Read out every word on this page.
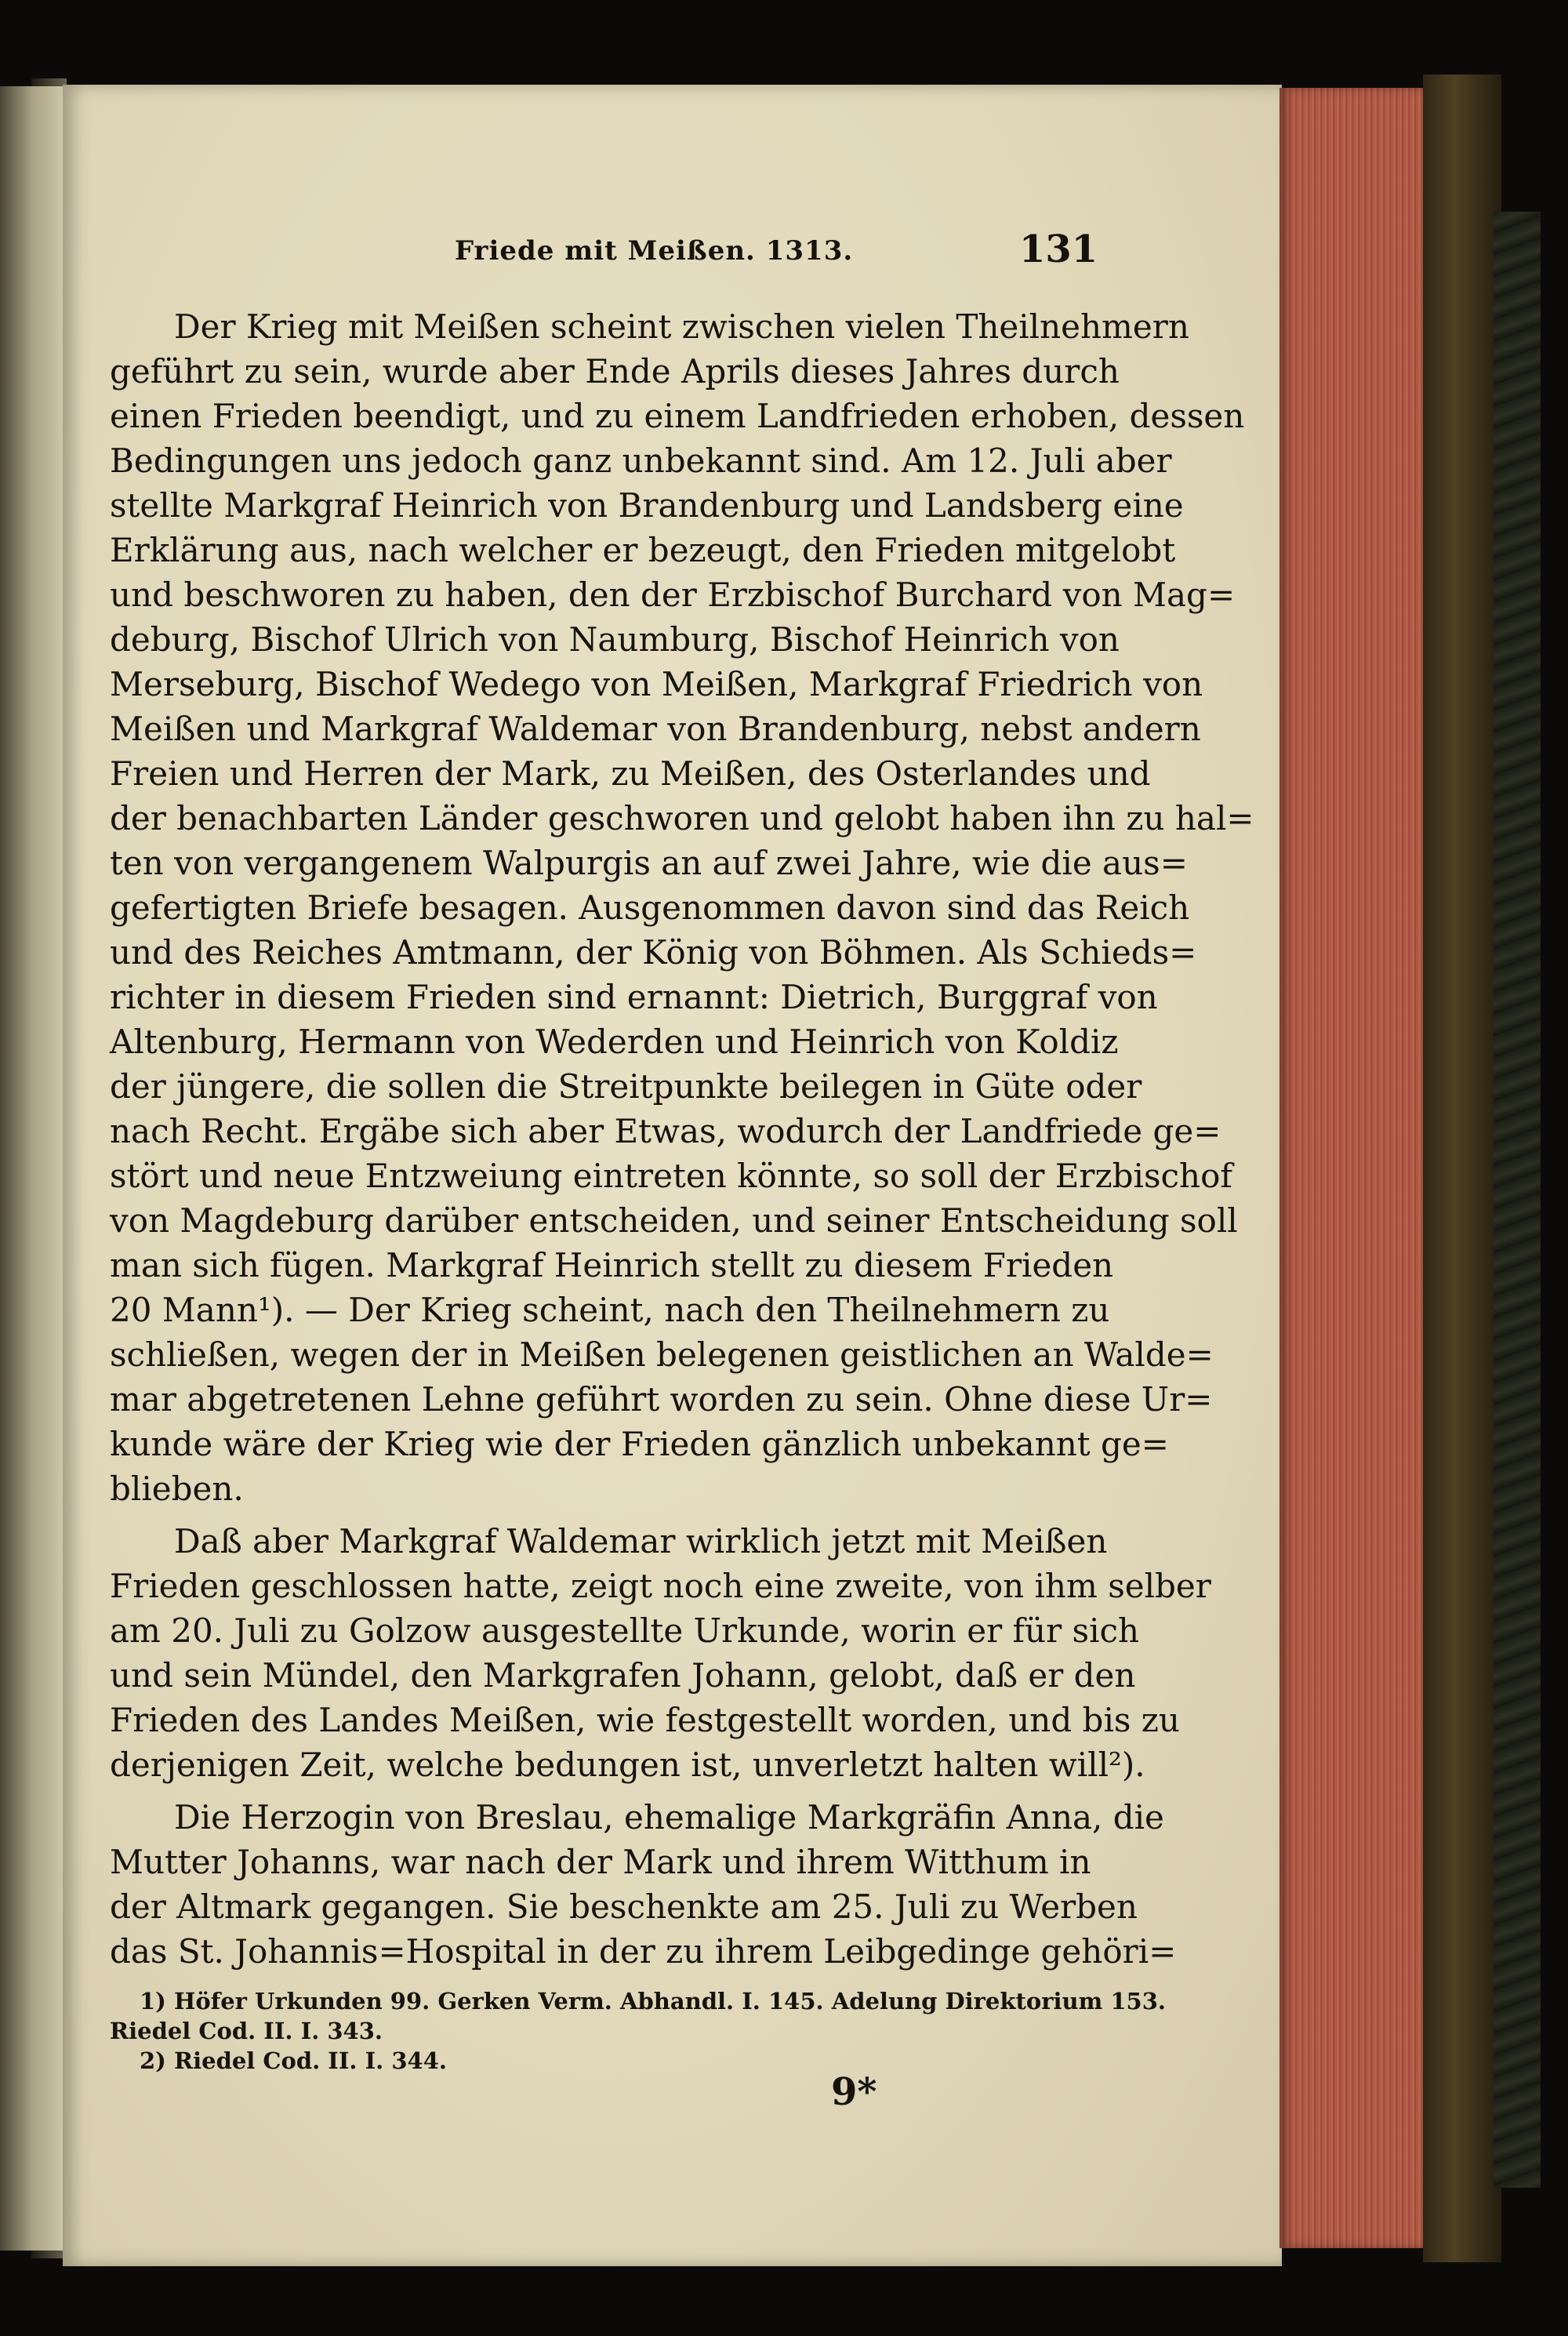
Friede mit Meißen. 1313.	131
Der Krieg mit Meißen scheint zwischen vielen Theilnehmern
geführt zu sein, wurde aber Ende Aprils dieses Jahres durch
einen Frieden beendigt, und zu einem Landfrieden erhoben, dessen
Bedingungen uns jedoch ganz unbekannt sind. Am 12. Juli aber
stellte Markgraf Heinrich von Brandenburg und Landsberg eine
Erklärung aus, nach welcher er bezeugt, den Frieden mitgelobt
und beschworen zu haben, den der Erzbischof Burchard von Mag=
deburg, Bischof Ulrich von Naumburg, Bischof Heinrich von
Merseburg, Bischof Wedego von Meißen, Markgraf Friedrich von
Meißen und Markgraf Waldemar von Brandenburg, nebst andern
Freien und Herren der Mark, zu Meißen, des Osterlandes und
der benachbarten Länder geschworen und gelobt haben ihn zu hal=
ten von vergangenem Walpurgis an auf zwei Jahre, wie die aus=
gefertigten Briefe besagen. Ausgenommen davon sind das Reich
und des Reiches Amtmann, der König von Böhmen. Als Schieds=
richter in diesem Frieden sind ernannt: Dietrich, Burggraf von
Altenburg, Hermann von Wederden und Heinrich von Koldiz
der jüngere, die sollen die Streitpunkte beilegen in Güte oder
nach Recht. Ergäbe sich aber Etwas, wodurch der Landfriede ge=
stört und neue Entzweiung eintreten könnte, so soll der Erzbischof
von Magdeburg darüber entscheiden, und seiner Entscheidung soll
man sich fügen. Markgraf Heinrich stellt zu diesem Frieden
20 Mann¹). — Der Krieg scheint, nach den Theilnehmern zu
schließen, wegen der in Meißen belegenen geistlichen an Walde=
mar abgetretenen Lehne geführt worden zu sein. Ohne diese Ur=
kunde wäre der Krieg wie der Frieden gänzlich unbekannt ge=
blieben.
Daß aber Markgraf Waldemar wirklich jetzt mit Meißen
Frieden geschlossen hatte, zeigt noch eine zweite, von ihm selber
am 20. Juli zu Golzow ausgestellte Urkunde, worin er für sich
und sein Mündel, den Markgrafen Johann, gelobt, daß er den
Frieden des Landes Meißen, wie festgestellt worden, und bis zu
derjenigen Zeit, welche bedungen ist, unverletzt halten will²).
Die Herzogin von Breslau, ehemalige Markgräfin Anna, die
Mutter Johanns, war nach der Mark und ihrem Witthum in
der Altmark gegangen. Sie beschenkte am 25. Juli zu Werben
das St. Johannis=Hospital in der zu ihrem Leibgedinge gehöri=
1) Höfer Urkunden 99. Gerken Verm. Abhandl. I. 145. Adelung Direktorium 153.
Riedel Cod. II. I. 343.
2) Riedel Cod. II. I. 344.
9*
